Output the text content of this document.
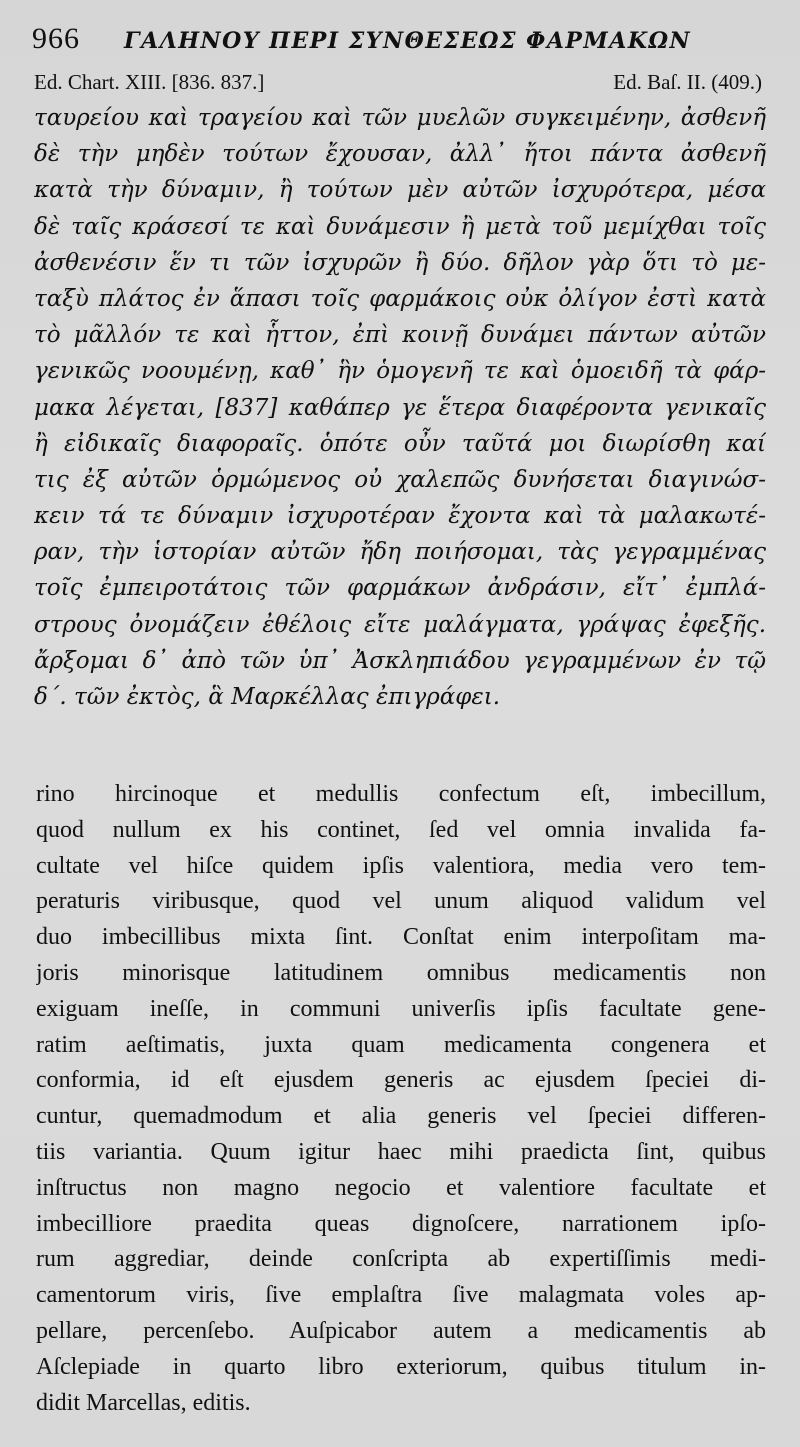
966 ΓΑΛΗΝΟΥ ΠΕΡΙ ΣΥΝΘΕΣΕΩΣ ΦΑΡΜΑΚΩΝ
Ed. Chart. XIII. [836. 837.]	Ed. Baſ. II. (409.)
ταυρείου καὶ τραγείου καὶ τῶν μυελῶν συγκειμένην, ἀσθενῆ
δὲ τὴν μηδὲν τούτων ἔχουσαν, ἀλλ᾽ ἤτοι πάντα ἀσθενῆ
κατὰ τὴν δύναμιν, ἢ τούτων μὲν αὐτῶν ἰσχυρότερα, μέσα
δὲ ταῖς κράσεσί τε καὶ δυνάμεσιν ἢ μετὰ τοῦ μεμίχθαι τοῖς
ἀσθενέσιν ἕν τι τῶν ἰσχυρῶν ἢ δύο. δῆλον γὰρ ὅτι τὸ με-
ταξὺ πλάτος ἐν ἅπασι τοῖς φαρμάκοις οὐκ ὀλίγον ἐστὶ κατὰ
τὸ μᾶλλόν τε καὶ ἧττον, ἐπὶ κοινῇ δυνάμει πάντων αὐτῶν
γενικῶς νοουμένῃ, καθ᾽ ἣν ὁμογενῆ τε καὶ ὁμοειδῆ τὰ φάρ-
μακα λέγεται, [837] καθάπερ γε ἕτερα διαφέροντα γενικαῖς
ἢ εἰδικαῖς διαφοραῖς. ὁπότε οὖν ταῦτά μοι διωρίσθη καί
τις ἐξ αὐτῶν ὁρμώμενος οὐ χαλεπῶς δυνήσεται διαγινώσ-
κειν τά τε δύναμιν ἰσχυροτέραν ἔχοντα καὶ τὰ μαλακωτέ-
ραν, τὴν ἱστορίαν αὐτῶν ἤδη ποιήσομαι, τὰς γεγραμμένας
τοῖς ἐμπειροτάτοις τῶν φαρμάκων ἀνδράσιν, εἴτ᾽ ἐμπλά-
στρους ὀνομάζειν ἐθέλοις εἴτε μαλάγματα, γράψας ἐφεξῆς.
ἄρξομαι δ᾽ ἀπὸ τῶν ὑπ᾽ Ἀσκληπιάδου γεγραμμένων ἐν τῷ
δ΄. τῶν ἐκτὸς, ἃ Μαρκέλλας ἐπιγράφει.
rino hircinoque et medullis confectum eſt, imbecillum,
quod nullum ex his continet, ſed vel omnia invalida fa-
cultate vel hiſce quidem ipſis valentiora, media vero tem-
peraturis viribusque, quod vel unum aliquod validum vel
duo imbecillibus mixta ſint. Conſtat enim interpoſitam ma-
joris minorisque latitudinem omnibus medicamentis non
exiguam ineſſe, in communi univerſis ipſis facultate gene-
ratim aeſtimatis, juxta quam medicamenta congenera et
conformia, id eſt ejusdem generis ac ejusdem ſpeciei di-
cuntur, quemadmodum et alia generis vel ſpeciei differen-
tiis variantia. Quum igitur haec mihi praedicta ſint, quibus
inſtructus non magno negocio et valentiore facultate et
imbecilliore praedita queas dignoſcere, narrationem ipſo-
rum aggrediar, deinde conſcripta ab expertiſſimis medi-
camentorum viris, ſive emplaſtra ſive malagmata voles ap-
pellare, percenſebo. Auſpicabor autem a medicamentis ab
Aſclepiade in quarto libro exteriorum, quibus titulum in-
didit Marcellas, editis.
